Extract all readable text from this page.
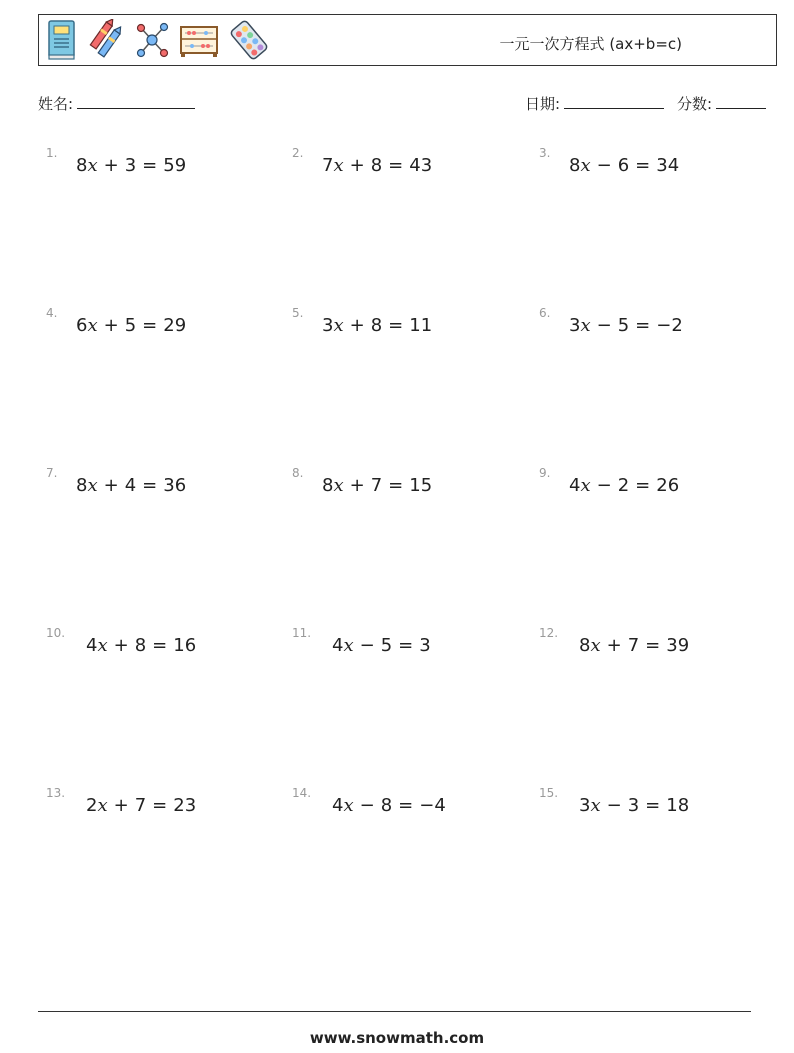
一元一次方程式 (ax+b=c)
姓名:	日期:	分数:
1.
8x + 3 = 59
2.
7x + 8 = 43
3.
8x − 6 = 34
4.
6x + 5 = 29
5.
3x + 8 = 11
6.
3x − 5 = −2
7.
8x + 4 = 36
8.
8x + 7 = 15
9.
4x − 2 = 26
10.
4x + 8 = 16
11.
4x − 5 = 3
12.
8x + 7 = 39
13.
2x + 7 = 23
14.
4x − 8 = −4
15.
3x − 3 = 18
www.snowmath.com
